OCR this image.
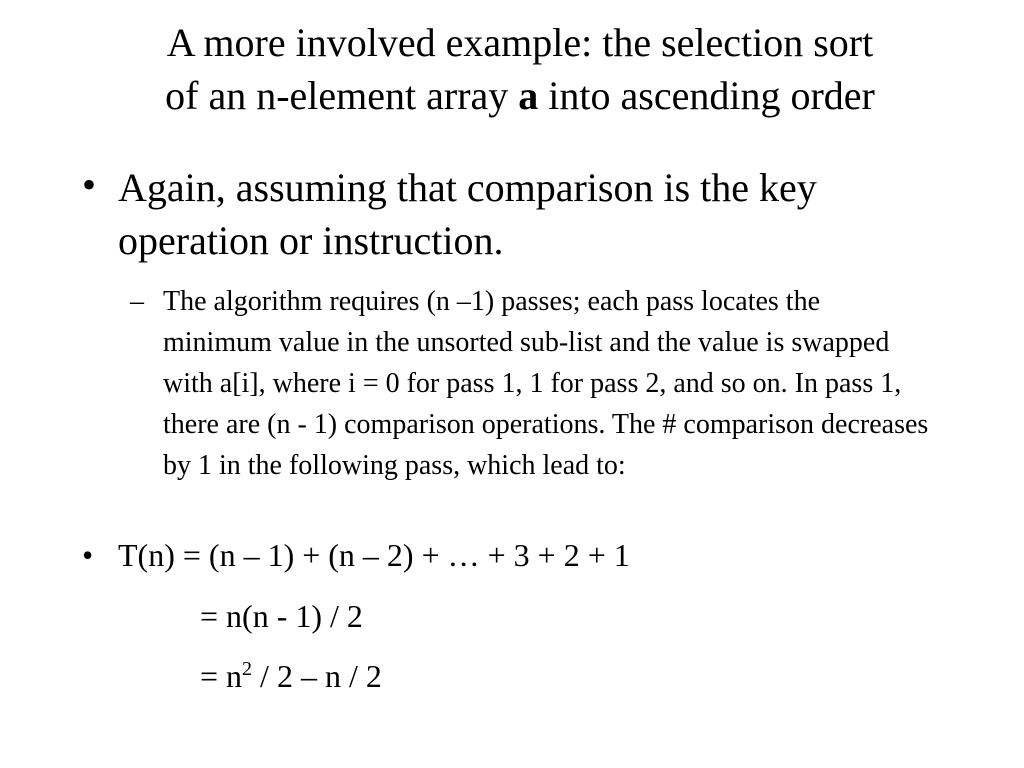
A more involved example: the selection sort
of an n-element array a into ascending order
• Again, assuming that comparison is the key operation or instruction.
– The algorithm requires (n –1) passes; each pass locates the minimum value in the unsorted sub-list and the value is swapped with a[i], where i = 0 for pass 1, 1 for pass 2, and so on. In pass 1, there are (n - 1) comparison operations. The # comparison decreases by 1 in the following pass, which lead to:
• T(n) = (n – 1) + (n – 2) + … + 3 + 2 + 1
= n(n - 1) / 2
= $n^2 / 2$ – n / 2
